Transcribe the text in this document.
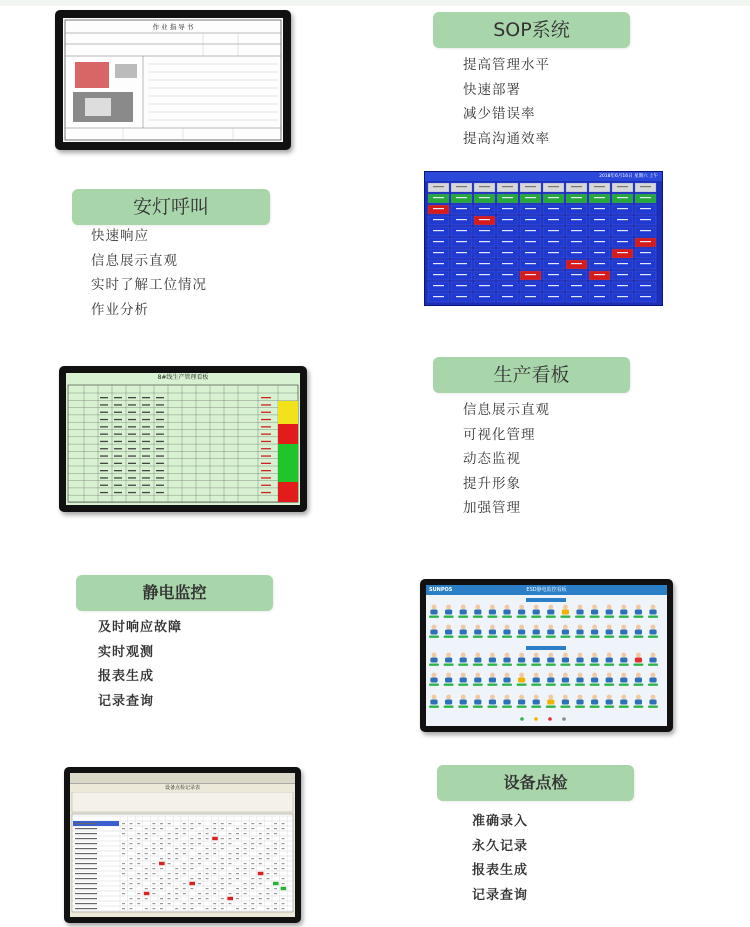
作 业 指 导 书	SOP系统
提高管理水平
快速部署
减少错误率
提高沟通效率
安灯呼叫
快速响应
信息展示直观
实时了解工位情况
作业分析
2018年6月16日 星期六 上午
8#线生产管理看板	生产看板
信息展示直观
可视化管理
动态监视
提升形象
加强管理
静电监控
及时响应故障
实时观测
报表生成
记录查询
SUNPOS	ESD静电监控看板
设备点检记录表	设备点检
准确录入
永久记录
报表生成
记录查询
